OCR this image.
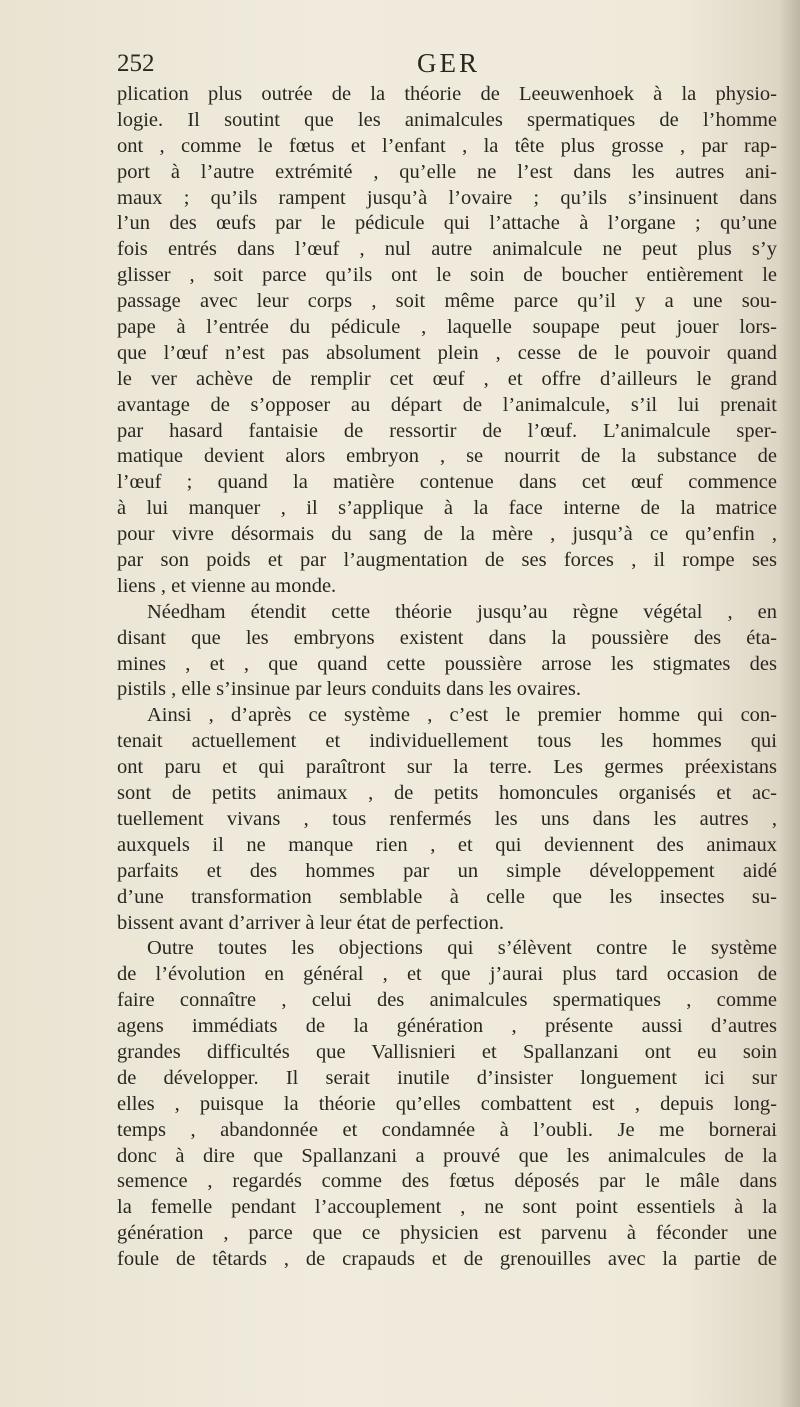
252	GER
plication plus outrée de la théorie de Leeuwenhoek à la physio-
logie. Il soutint que les animalcules spermatiques de l’homme
ont , comme le fœtus et l’enfant , la tête plus grosse , par rap-
port à l’autre extrémité , qu’elle ne l’est dans les autres ani-
maux ; qu’ils rampent jusqu’à l’ovaire ; qu’ils s’insinuent dans
l’un des œufs par le pédicule qui l’attache à l’organe ; qu’une
fois entrés dans l’œuf , nul autre animalcule ne peut plus s’y
glisser , soit parce qu’ils ont le soin de boucher entièrement le
passage avec leur corps , soit même parce qu’il y a une sou-
pape à l’entrée du pédicule , laquelle soupape peut jouer lors-
que l’œuf n’est pas absolument plein , cesse de le pouvoir quand
le ver achève de remplir cet œuf , et offre d’ailleurs le grand
avantage de s’opposer au départ de l’animalcule, s’il lui prenait
par hasard fantaisie de ressortir de l’œuf. L’animalcule sper-
matique devient alors embryon , se nourrit de la substance de
l’œuf ; quand la matière contenue dans cet œuf commence
à lui manquer , il s’applique à la face interne de la matrice
pour vivre désormais du sang de la mère , jusqu’à ce qu’enfin ,
par son poids et par l’augmentation de ses forces , il rompe ses
liens , et vienne au monde.
Néedham étendit cette théorie jusqu’au règne végétal , en
disant que les embryons existent dans la poussière des éta-
mines , et , que quand cette poussière arrose les stigmates des
pistils , elle s’insinue par leurs conduits dans les ovaires.
Ainsi , d’après ce système , c’est le premier homme qui con-
tenait actuellement et individuellement tous les hommes qui
ont paru et qui paraîtront sur la terre. Les germes préexistans
sont de petits animaux , de petits homoncules organisés et ac-
tuellement vivans , tous renfermés les uns dans les autres ,
auxquels il ne manque rien , et qui deviennent des animaux
parfaits et des hommes par un simple développement aidé
d’une transformation semblable à celle que les insectes su-
bissent avant d’arriver à leur état de perfection.
Outre toutes les objections qui s’élèvent contre le système
de l’évolution en général , et que j’aurai plus tard occasion de
faire connaître , celui des animalcules spermatiques , comme
agens immédiats de la génération , présente aussi d’autres
grandes difficultés que Vallisnieri et Spallanzani ont eu soin
de développer. Il serait inutile d’insister longuement ici sur
elles , puisque la théorie qu’elles combattent est , depuis long-
temps , abandonnée et condamnée à l’oubli. Je me bornerai
donc à dire que Spallanzani a prouvé que les animalcules de la
semence , regardés comme des fœtus déposés par le mâle dans
la femelle pendant l’accouplement , ne sont point essentiels à la
génération , parce que ce physicien est parvenu à féconder une
foule de têtards , de crapauds et de grenouilles avec la partie de
